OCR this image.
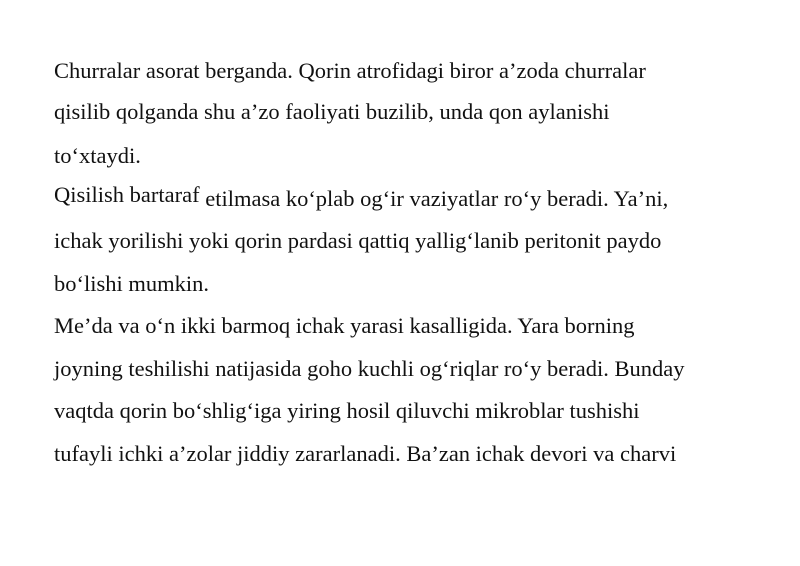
Churralar asorat berganda. Qorin atrofidagi biror a’zoda churralar
qisilib qolganda shu a’zo faoliyati buzilib, unda qon aylanishi
to‘xtaydi.
Qisilish bartaraf etilmasa ko‘plab og‘ir vaziyatlar ro‘y beradi. Ya’ni,
ichak yorilishi yoki qorin pardasi qattiq yallig‘lanib peritonit paydo
bo‘lishi mumkin.
Me’da va o‘n ikki barmoq ichak yarasi kasalligida. Yara borning
joyning teshilishi natijasida goho kuchli og‘riqlar ro‘y beradi. Bunday
vaqtda qorin bo‘shlig‘iga yiring hosil qiluvchi mikroblar tushishi
tufayli ichki a’zolar jiddiy zararlanadi. Ba’zan ichak devori va charvi
